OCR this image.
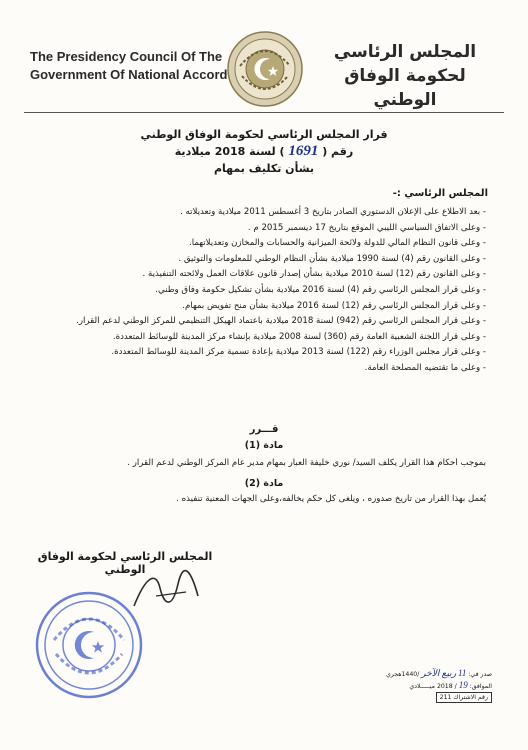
The Presidency Council Of The
Government Of National Accord
المجلس الرئاسي
لحكومة الوفاق الوطني
قرار المجلس الرئاسي لحكومة الوفاق الوطني
رقم ( 1691 ) لسنة 2018 ميلادية
بشأن تكليف بمهام
المجلس الرئاسي :-
- بعد الاطلاع على الإعلان الدستوري الصادر بتاريخ 3 أغسطس 2011 ميلادية وتعديلاته .
- وعلى الاتفاق السياسي الليبي الموقع بتاريخ 17 ديسمبر 2015 م .
- وعلى قانون النظام المالي للدولة ولائحة الميزانية والحسابات والمخازن وتعديلاتهما.
- وعلى القانون رقم (4) لسنة 1990 ميلادية بشأن النظام الوطني للمعلومات والتوثيق .
- وعلى القانون رقم (12) لسنة 2010 ميلادية بشأن إصدار قانون علاقات العمل ولائحته التنفيذية .
- وعلى قرار المجلس الرئاسي رقم (4) لسنة 2016 ميلادية بشأن تشكيل حكومة وفاق وطني.
- وعلى قرار المجلس الرئاسي رقم (12) لسنة 2016 ميلادية بشأن منح تفويض بمهام.
- وعلى قرار المجلس الرئاسي رقم (942) لسنة 2018 ميلادية باعتماد الهيكل التنظيمي للمركز الوطني لدعم القرار.
- وعلى قرار اللجنة الشعبية العامة رقم (360) لسنة 2008 ميلادية بإنشاء مركز المدينة للوسائط المتعددة.
- وعلى قرار مجلس الوزراء رقم (122) لسنة 2013 ميلادية بإعادة تسمية مركز المدينة للوسائط المتعددة.
- وعلى ما تقتضيه المصلحة العامة.
قـــرر
مادة (1)
بموجب أحكام هذا القرار يكلف السيد/ نوري خليفة العبار بمهام مدير عام المركز الوطني لدعم القرار .
مادة (2)
يُعمل بهذا القرار من تاريخ صدوره ، ويلغى كل حكم يخالفه،وعلى الجهات المعنية تنفيذه .
المجلس الرئاسي لحكومة الوفاق الوطني
صدر في: 11 ربيع الآخر /1440هجري
الموافق: 19 / 2018 ميـــــلادي
رقم الاشتراك 211
